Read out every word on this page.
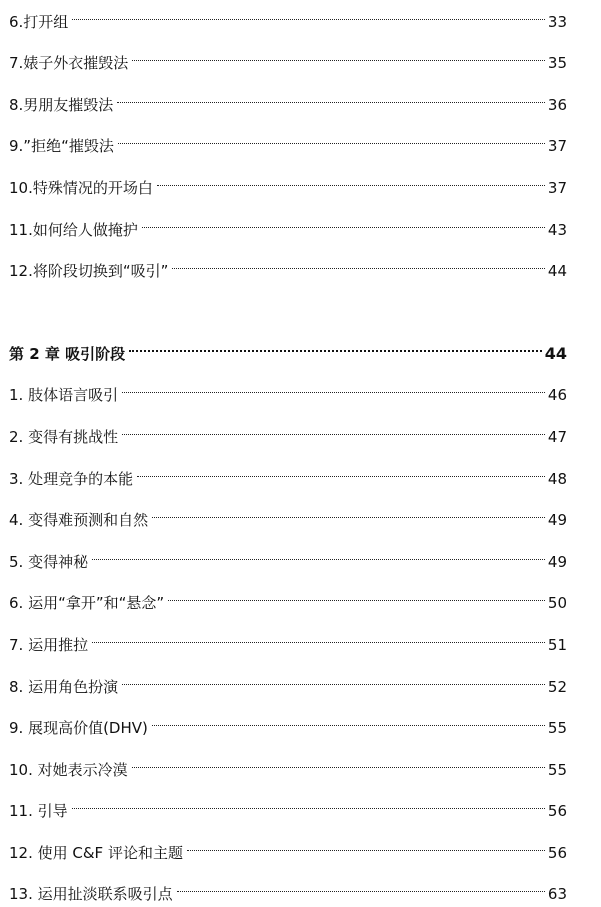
6.打开组	33
7.婊子外衣摧毁法	35
8.男朋友摧毁法	36
9.”拒绝“摧毁法	37
10.特殊情况的开场白	37
11.如何给人做掩护	43
12.将阶段切换到“吸引”	44
第 2 章 吸引阶段	44
1. 肢体语言吸引	46
2. 变得有挑战性	47
3. 处理竞争的本能	48
4. 变得难预测和自然	49
5. 变得神秘	49
6. 运用“拿开”和“悬念”	50
7. 运用推拉	51
8. 运用角色扮演	52
9. 展现高价值(DHV)	55
10. 对她表示冷漠	55
11. 引导	56
12. 使用 C&F 评论和主题	56
13. 运用扯淡联系吸引点	63
